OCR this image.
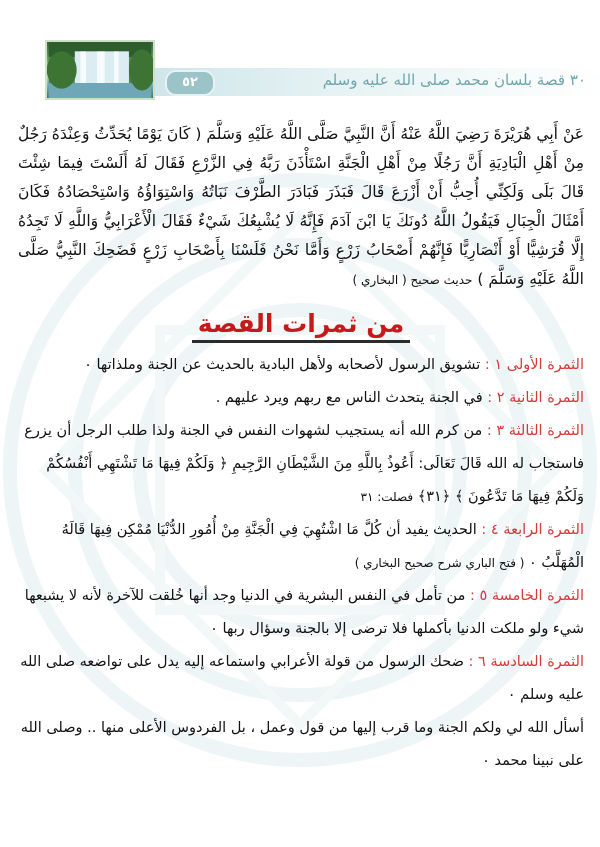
٥٢	٣٠ قصة بلسان محمد صلى الله عليه وسلم

عَنْ أَبِي هُرَيْرَةَ رَضِيَ اللَّهُ عَنْهُ أَنَّ النَّبِيَّ صَلَّى اللَّهُ عَلَيْهِ وَسَلَّمَ ( كَانَ يَوْمًا يُحَدِّثُ وَعِنْدَهُ رَجُلٌ مِنْ أَهْلِ الْبَادِيَةِ أَنَّ رَجُلًا مِنْ أَهْلِ الْجَنَّةِ اسْتَأْذَنَ رَبَّهُ فِي الزَّرْعِ فَقَالَ لَهُ أَلَسْتَ فِيمَا شِئْتَ قَالَ بَلَى وَلَكِنِّي أُحِبُّ أَنْ أَزْرَعَ قَالَ فَبَذَرَ فَبَادَرَ الطَّرْفَ نَبَاتُهُ وَاسْتِوَاؤُهُ وَاسْتِحْصَادُهُ فَكَانَ أَمْثَالَ الْجِبَالِ فَيَقُولُ اللَّهُ دُونَكَ يَا ابْنَ آدَمَ فَإِنَّهُ لَا يُشْبِعُكَ شَيْءٌ فَقَالَ الْأَعْرَابِيُّ وَاللَّهِ لَا تَجِدُهُ إِلَّا قُرَشِيًّا أَوْ أَنْصَارِيًّا فَإِنَّهُمْ أَصْحَابُ زَرْعٍ وَأَمَّا نَحْنُ فَلَسْنَا بِأَصْحَابِ زَرْعٍ فَضَحِكَ النَّبِيُّ صَلَّى اللَّهُ عَلَيْهِ وَسَلَّمَ ) حديث صحيح ( البخاري )

من ثمرات القصة

الثمرة الأولى ١ : تشويق الرسول لأصحابه ولأهل البادية بالحديث عن الجنة وملذاتها ٠

الثمرة الثانية ٢ : في الجنة يتحدث الناس مع ربهم ويرد عليهم .

الثمرة الثالثة ٣ : من كرم الله أنه يستجيب لشهوات النفس في الجنة ولذا طلب الرجل أن يزرع فاستجاب له الله قَالَ تَعَالَى: أَعُوذُ بِاللَّهِ مِنَ الشَّيْطَانِ الرَّجِيمِ ﴿ وَلَكُمْ فِيهَا مَا تَشْتَهِي أَنْفُسُكُمْ وَلَكُمْ فِيهَا مَا تَدَّعُونَ ﴾ ﴿٣١﴾ فصلت: ٣١

الثمرة الرابعة ٤ : الحديث يفيد أن كُلَّ مَا اشْتُهِيَ فِي الْجَنَّةِ مِنْ أُمُورِ الدُّنْيَا مُمْكِن فِيهَا قَالَهُ الْمُهَلَّبُ ٠ ( فتح الباري شرح صحيح البخاري )

الثمرة الخامسة ٥ : من تأمل في النفس البشرية في الدنيا وجد أنها خُلقت للآخرة لأنه لا يشبعها شيء ولو ملكت الدنيا بأكملها فلا ترضى إلا بالجنة وسؤال ربها ٠

الثمرة السادسة ٦ : ضحك الرسول من قولة الأعرابي واستماعه إليه يدل على تواضعه صلى الله عليه وسلم ٠

أسأل الله لي ولكم الجنة وما قرب إليها من قول وعمل ، بل الفردوس الأعلى منها .. وصلى الله على نبينا محمد ٠
